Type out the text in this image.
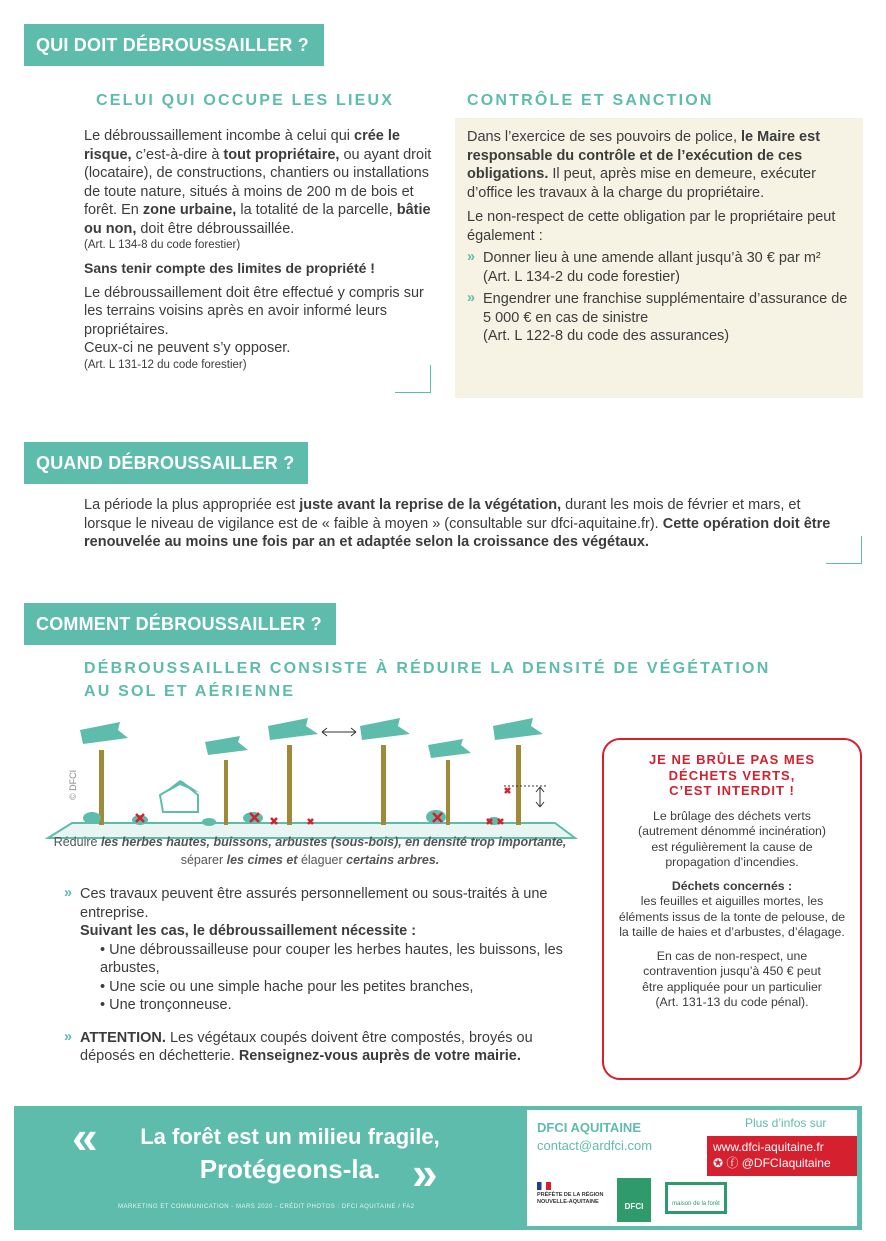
QUI DOIT DÉBROUSSAILLER ?
CELUI QUI OCCUPE LES LIEUX

Le débroussaillement incombe à celui qui crée le risque, c’est-à-dire à tout propriétaire, ou ayant droit (locataire), de constructions, chantiers ou installations de toute nature, situés à moins de 200 m de bois et forêt. En zone urbaine, la totalité de la parcelle, bâtie ou non, doit être débroussaillée.

(Art. L 134-8 du code forestier)

Sans tenir compte des limites de propriété !

Le débroussaillement doit être effectué y compris sur les terrains voisins après en avoir informé leurs propriétaires.

Ceux-ci ne peuvent s’y opposer.

(Art. L 131-12 du code forestier)

CONTRÔLE ET SANCTION

Dans l’exercice de ses pouvoirs de police, le Maire est responsable du contrôle et de l’exécution de ces obligations. Il peut, après mise en demeure, exécuter d’office les travaux à la charge du propriétaire.

Le non-respect de cette obligation par le propriétaire peut également :

» Donner lieu à une amende allant jusqu’à 30 € par m²
(Art. L 134-2 du code forestier)
» Engendrer une franchise supplémentaire d’assurance de 5 000 € en cas de sinistre
(Art. L 122-8 du code des assurances)
QUAND DÉBROUSSAILLER ?

La période la plus appropriée est juste avant la reprise de la végétation, durant les mois de février et mars, et lorsque le niveau de vigilance est de « faible à moyen » (consultable sur dfci-aquitaine.fr). Cette opération doit être renouvelée au moins une fois par an et adaptée selon la croissance des végétaux.

COMMENT DÉBROUSSAILLER ?
DÉBROUSSAILLER CONSISTE À RÉDUIRE LA DENSITÉ DE VÉGÉTATION AU SOL ET AÉRIENNE
© DFCI

Réduire les herbes hautes, buissons, arbustes (sous-bois), en densité trop importante,
séparer les cimes et élaguer certains arbres.

» Ces travaux peuvent être assurés personnellement ou sous-traités à une entreprise.
Suivant les cas, le débroussaillement nécessite :
• Une débroussailleuse pour couper les herbes hautes, les buissons, les arbustes,
• Une scie ou une simple hache pour les petites branches,
• Une tronçonneuse.
» ATTENTION. Les végétaux coupés doivent être compostés, broyés ou déposés en déchetterie. Renseignez-vous auprès de votre mairie.

JE NE BRÛLE PAS MES DÉCHETS VERTS, C’EST INTERDIT !

Le brûlage des déchets verts (autrement dénommé incinération) est régulièrement la cause de propagation d’incendies.

Déchets concernés :

les feuilles et aiguilles mortes, les éléments issus de la tonte de pelouse, de la taille de haies et d’arbustes, d’élagage.

En cas de non-respect, une contravention jusqu’à 450 € peut être appliquée pour un particulier

(Art. 131-13 du code pénal).

«	La forêt est un milieu fragile,
Protégeons-la. »
MARKETING ET COMMUNICATION - MARS 2020 - CRÉDIT PHOTOS : DFCI AQUITAINE / FA2
DFCI AQUITAINE
contact@ardfci.com
Plus d’infos sur
www.dfci-aquitaine.fr
✪ ⓕ @DFCIaquitaine
PRÉFÈTE DE LA RÉGION NOUVELLE-AQUITAINE	DFCI	maison de la forêt
